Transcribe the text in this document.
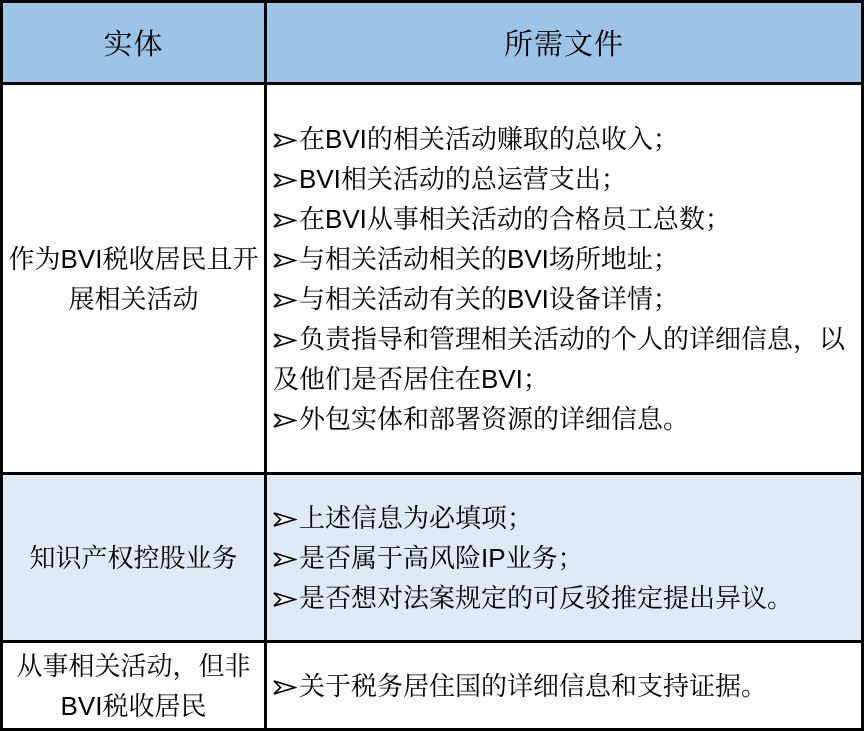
实体	所需文件
作为BVI税收居民且开展相关活动
在BVI的相关活动赚取的总收入；
BVI相关活动的总运营支出；
在BVI从事相关活动的合格员工总数；
与相关活动相关的BVI场所地址；
与相关活动有关的BVI设备详情；
负责指导和管理相关活动的个人的详细信息，以及他们是否居住在BVI；
外包实体和部署资源的详细信息。
知识产权控股业务
上述信息为必填项；
是否属于高风险IP业务；
是否想对法案规定的可反驳推定提出异议。
从事相关活动，但非BVI税收居民
关于税务居住国的详细信息和支持证据。
